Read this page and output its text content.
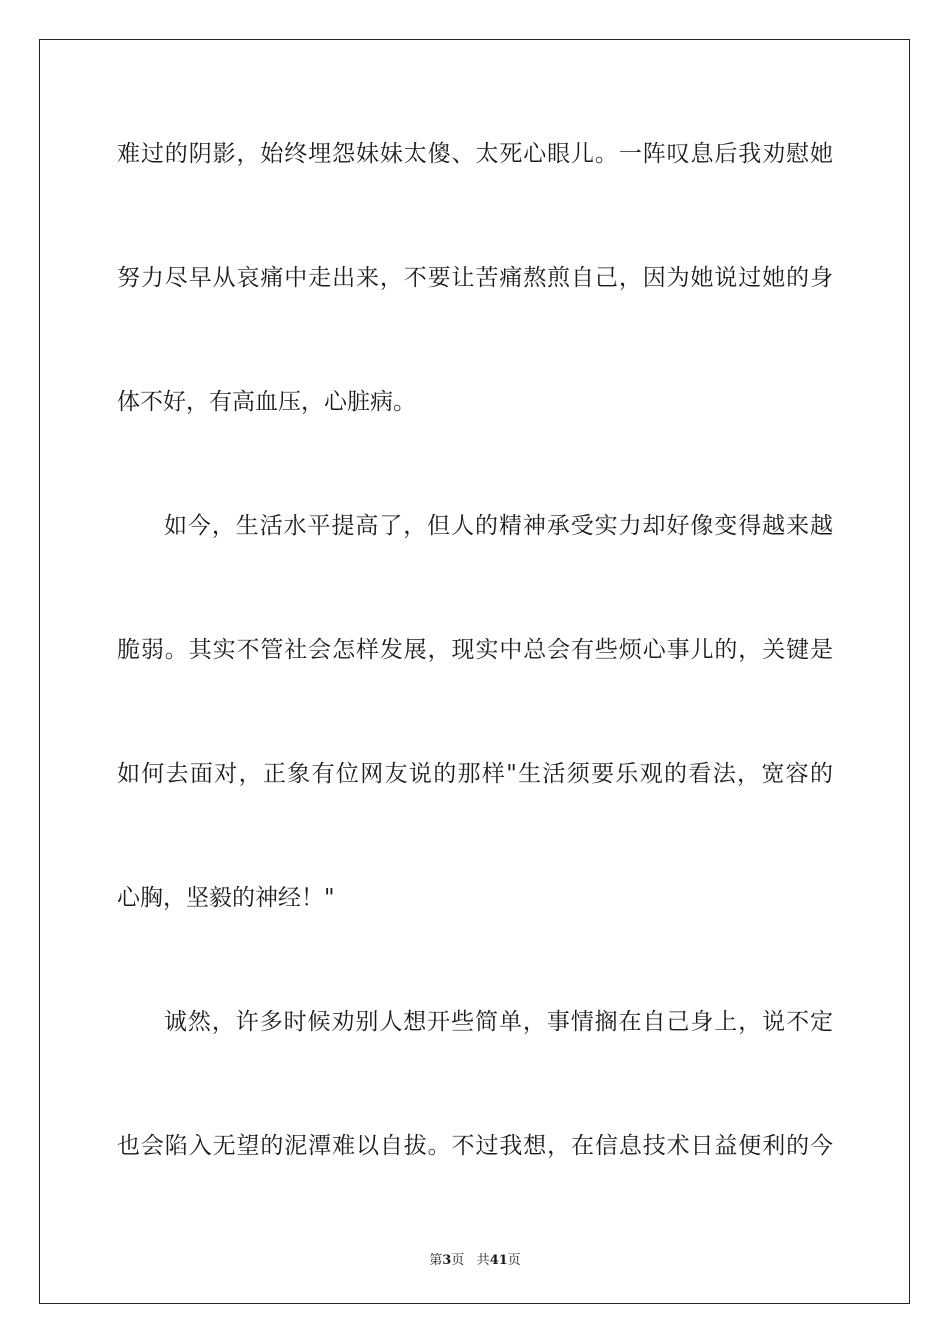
难过的阴影，始终埋怨妹妹太傻、太死心眼儿。一阵叹息后我劝慰她
努力尽早从哀痛中走出来，不要让苦痛熬煎自己，因为她说过她的身
体不好，有高血压，心脏病。
如今，生活水平提高了，但人的精神承受实力却好像变得越来越
脆弱。其实不管社会怎样发展，现实中总会有些烦心事儿的，关键是
如何去面对，正象有位网友说的那样"生活须要乐观的看法，宽容的
心胸，坚毅的神经！"
诚然，许多时候劝别人想开些简单，事情搁在自己身上，说不定
也会陷入无望的泥潭难以自拔。不过我想，在信息技术日益便利的今
第3页 共41页
